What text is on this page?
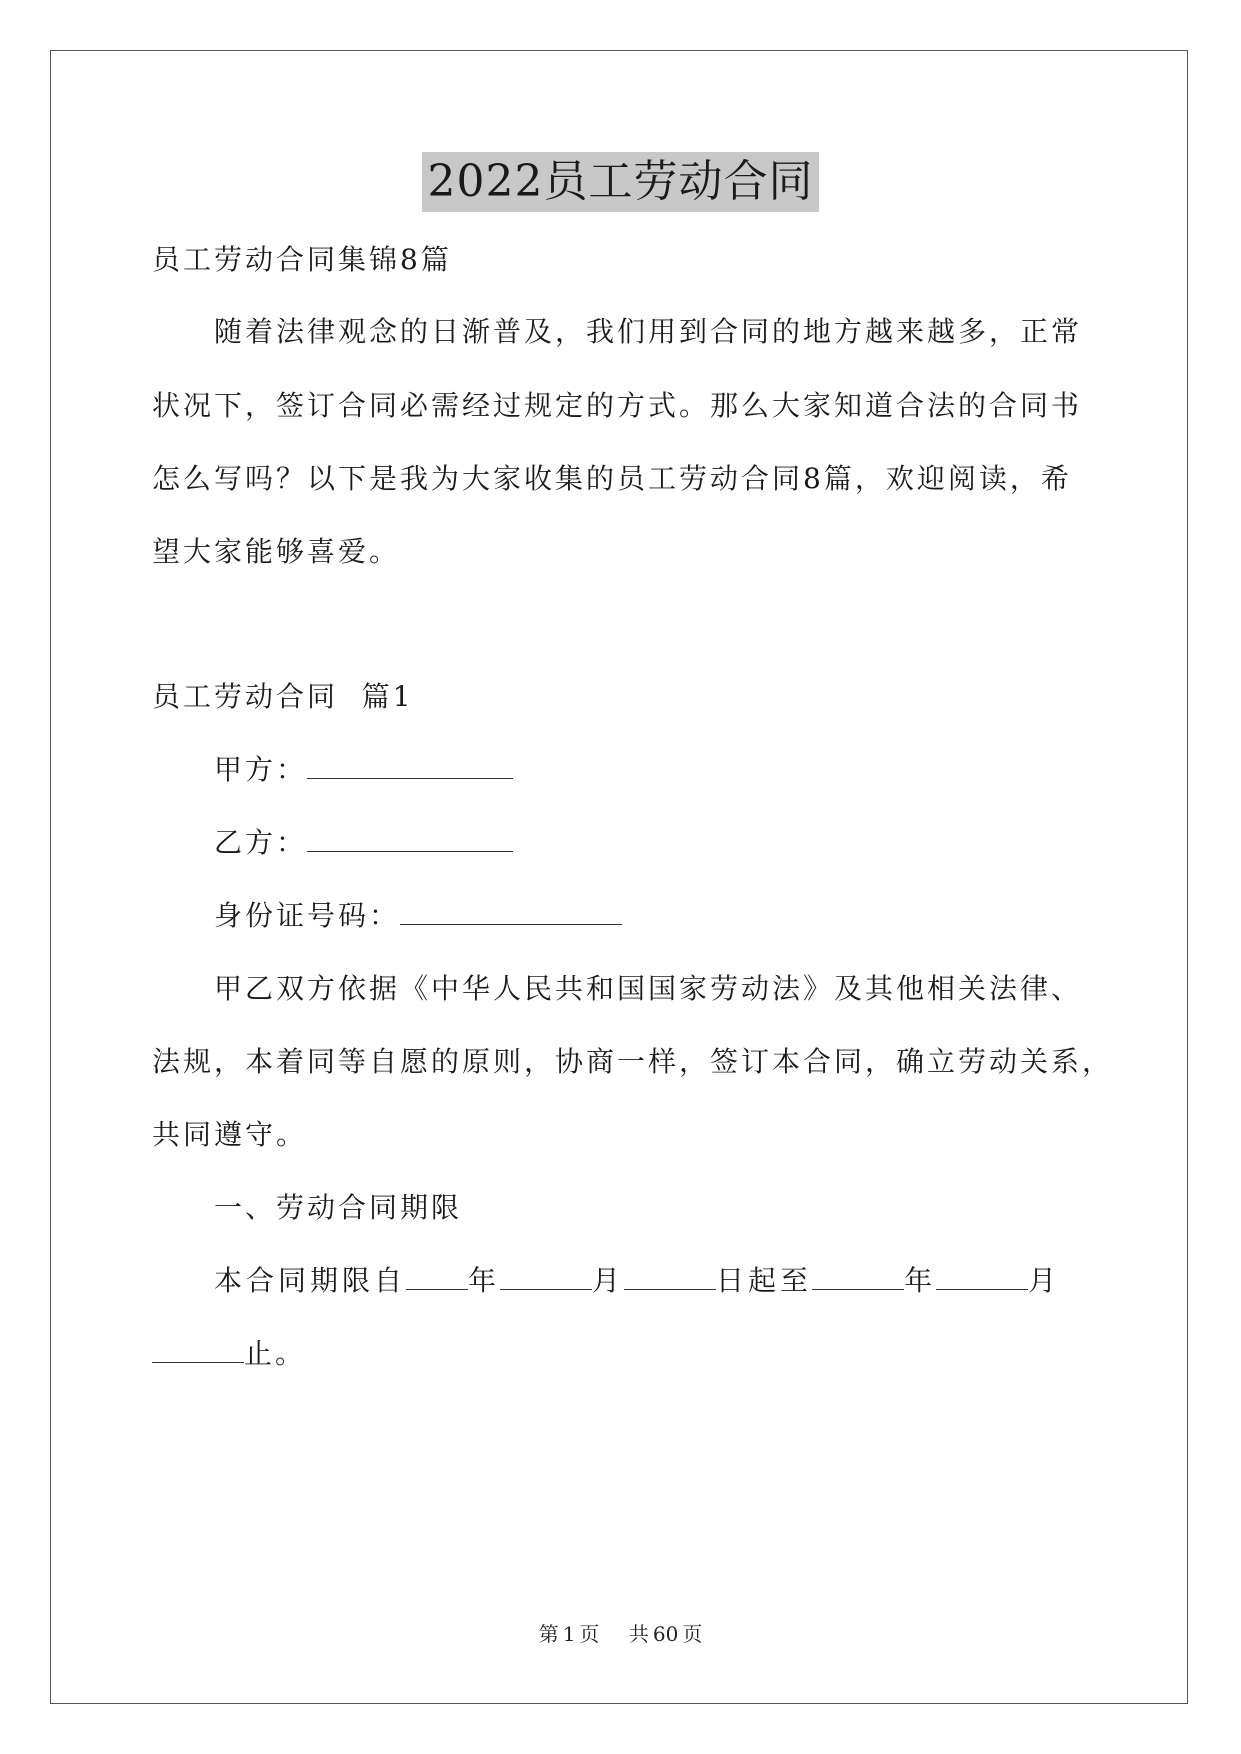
2022员工劳动合同
员工劳动合同集锦8篇
随着法律观念的日渐普及，我们用到合同的地方越来越多，正常
状况下，签订合同必需经过规定的方式。那么大家知道合法的合同书
怎么写吗？以下是我为大家收集的员工劳动合同8篇，欢迎阅读，希
望大家能够喜爱。
员工劳动合同  篇1
甲方：
乙方：
身份证号码：
甲乙双方依据《中华人民共和国国家劳动法》及其他相关法律、
法规，本着同等自愿的原则，协商一样，签订本合同，确立劳动关系，
共同遵守。
一、劳动合同期限
本合同期限自 年	月	日起至	年	月
止。
第 1 页 共 60 页
